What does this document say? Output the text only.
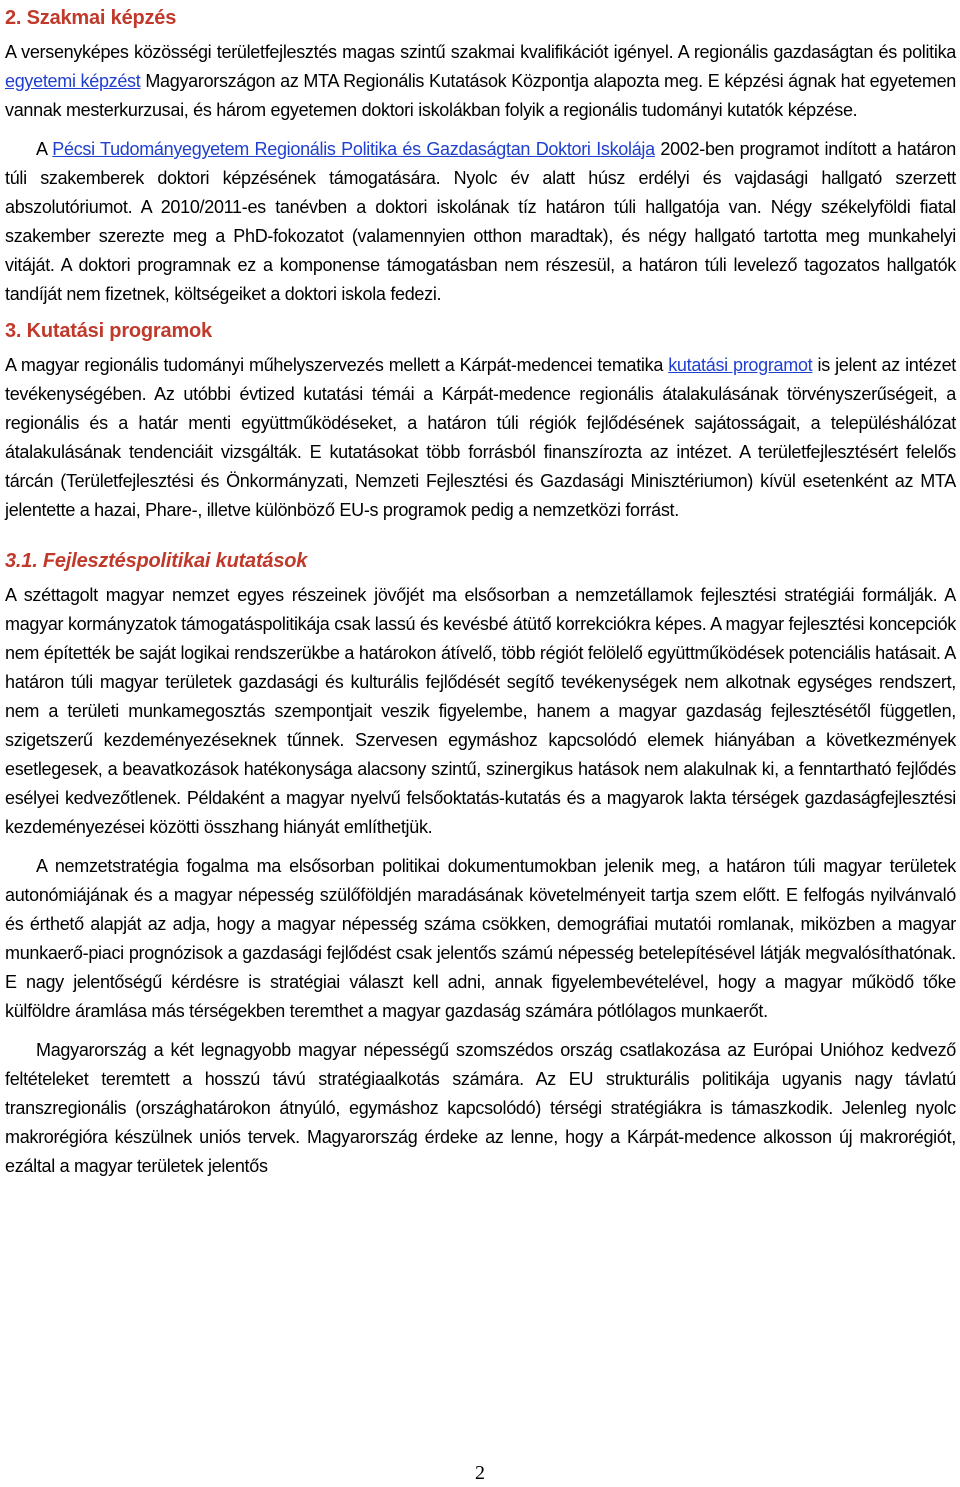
2. Szakmai képzés

A versenyképes közösségi területfejlesztés magas szintű szakmai kvalifikációt igényel. A regionális gazdaságtan és politika egyetemi képzést Magyarországon az MTA Regionális Kutatások Központja alapozta meg. E képzési ágnak hat egyetemen vannak mesterkurzusai, és három egyetemen doktori iskolákban folyik a regionális tudományi kutatók képzése.

A Pécsi Tudományegyetem Regionális Politika és Gazdaságtan Doktori Iskolája 2002-ben programot indított a határon túli szakemberek doktori képzésének támogatására. Nyolc év alatt húsz erdélyi és vajdasági hallgató szerzett abszolutóriumot. A 2010/2011-es tanévben a doktori iskolának tíz határon túli hallgatója van. Négy székelyföldi fiatal szakember szerezte meg a PhD-fokozatot (valamennyien otthon maradtak), és négy hallgató tartotta meg munkahelyi vitáját. A doktori programnak ez a komponense támogatásban nem részesül, a határon túli levelező tagozatos hallgatók tandíját nem fizetnek, költségeiket a doktori iskola fedezi.

3. Kutatási programok

A magyar regionális tudományi műhelyszervezés mellett a Kárpát-medencei tematika kutatási programot is jelent az intézet tevékenységében. Az utóbbi évtized kutatási témái a Kárpát-medence regionális átalakulásának törvényszerűségeit, a regionális és a határ menti együttműködéseket, a határon túli régiók fejlődésének sajátosságait, a településhálózat átalakulásának tendenciáit vizsgálták. E kutatásokat több forrásból finanszírozta az intézet. A területfejlesztésért felelős tárcán (Területfejlesztési és Önkormányzati, Nemzeti Fejlesztési és Gazdasági Minisztériumon) kívül esetenként az MTA jelentette a hazai, Phare-, illetve különböző EU-s programok pedig a nemzetközi forrást.

3.1. Fejlesztéspolitikai kutatások

A széttagolt magyar nemzet egyes részeinek jövőjét ma elsősorban a nemzetállamok fejlesztési stratégiái formálják. A magyar kormányzatok támogatáspolitikája csak lassú és kevésbé átütő korrekciókra képes. A magyar fejlesztési koncepciók nem építették be saját logikai rendszerükbe a határokon átívelő, több régiót felölelő együttműködések potenciális hatásait. A határon túli magyar területek gazdasági és kulturális fejlődését segítő tevékenységek nem alkotnak egységes rendszert, nem a területi munkamegosztás szempontjait veszik figyelembe, hanem a magyar gazdaság fejlesztésétől független, szigetszerű kezdeményezéseknek tűnnek. Szervesen egymáshoz kapcsolódó elemek hiányában a következmények esetlegesek, a beavatkozások hatékonysága alacsony szintű, szinergikus hatások nem alakulnak ki, a fenntartható fejlődés esélyei kedvezőtlenek. Példaként a magyar nyelvű felsőoktatás-kutatás és a magyarok lakta térségek gazdaságfejlesztési kezdeményezései közötti összhang hiányát említhetjük.

A nemzetstratégia fogalma ma elsősorban politikai dokumentumokban jelenik meg, a határon túli magyar területek autonómiájának és a magyar népesség szülőföldjén maradásának követelményeit tartja szem előtt. E felfogás nyilvánvaló és érthető alapját az adja, hogy a magyar népesség száma csökken, demográfiai mutatói romlanak, miközben a magyar munkaerő-piaci prognózisok a gazdasági fejlődést csak jelentős számú népesség betelepítésével látják megvalósíthatónak. E nagy jelentőségű kérdésre is stratégiai választ kell adni, annak figyelembevételével, hogy a magyar működő tőke külföldre áramlása más térségekben teremthet a magyar gazdaság számára pótlólagos munkaerőt.

Magyarország a két legnagyobb magyar népességű szomszédos ország csatlakozása az Európai Unióhoz kedvező feltételeket teremtett a hosszú távú stratégiaalkotás számára. Az EU strukturális politikája ugyanis nagy távlatú transzregionális (országhatárokon átnyúló, egymáshoz kapcsolódó) térségi stratégiákra is támaszkodik. Jelenleg nyolc makrorégióra készülnek uniós tervek. Magyarország érdeke az lenne, hogy a Kárpát-medence alkosson új makrorégiót, ezáltal a magyar területek jelentős

2
